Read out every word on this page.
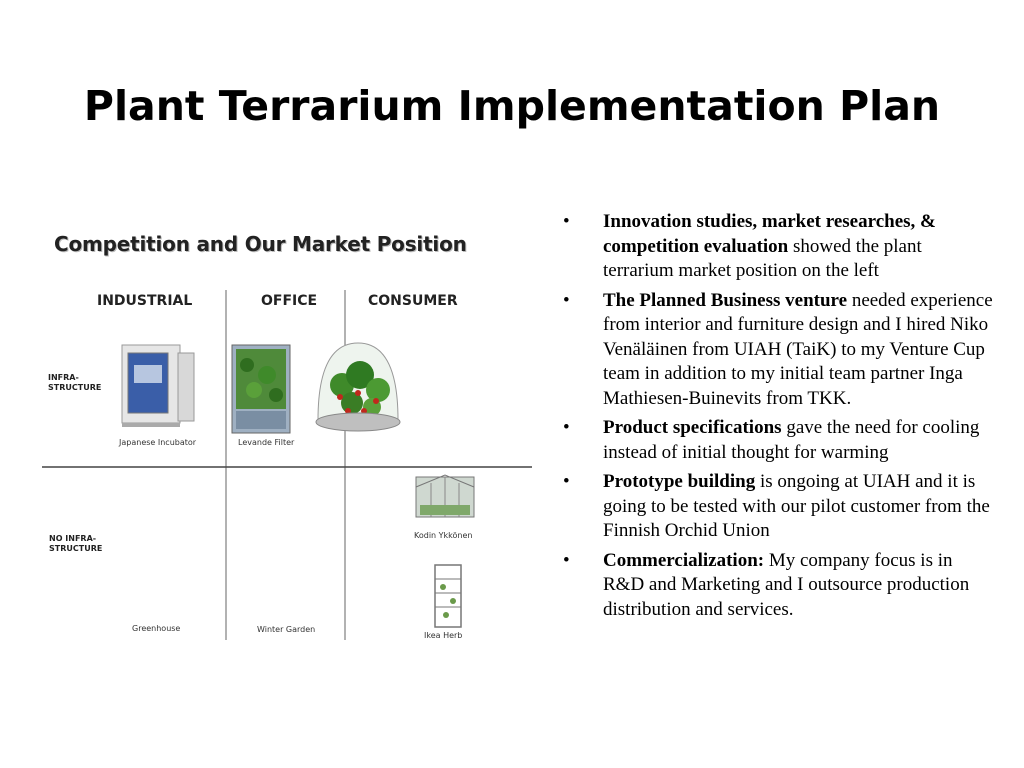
Plant Terrarium Implementation Plan
Competition and Our Market Position
INDUSTRIAL	OFFICE	CONSUMER
INFRA-
STRUCTURE
NO INFRA-
STRUCTURE
Japanese Incubator	Levande Filter
Kodin Ykkönen
Greenhouse	Winter Garden
Ikea Herb
• Innovation studies, market researches, & competition evaluation showed the plant terrarium market position on the left
• The Planned Business venture needed experience from interior and furniture design and I hired Niko Venäläinen from UIAH (TaiK) to my Venture Cup team in addition to my initial team partner Inga Mathiesen-Buinevits from TKK.
• Product specifications gave the need for cooling instead of initial thought for warming
• Prototype building is ongoing at UIAH and it is going to be tested with our pilot customer from the Finnish Orchid Union
• Commercialization: My company focus is in R&D and Marketing and I outsource production distribution and services.
